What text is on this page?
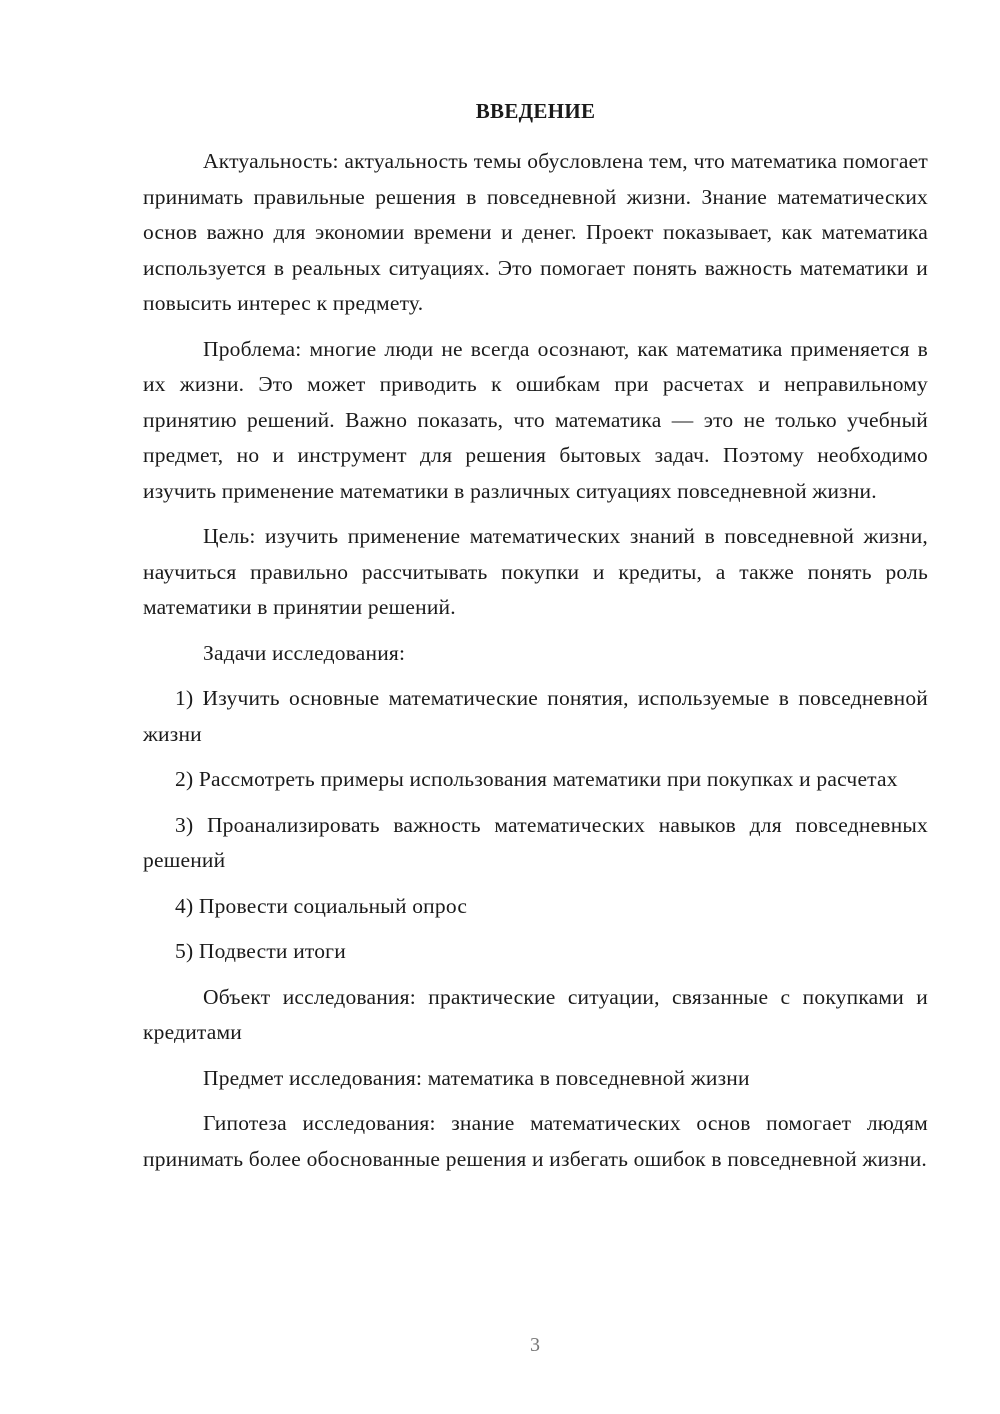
ВВЕДЕНИЕ

Актуальность: актуальность темы обусловлена тем, что математика помогает принимать правильные решения в повседневной жизни. Знание математических основ важно для экономии времени и денег. Проект показывает, как математика используется в реальных ситуациях. Это помогает понять важность математики и повысить интерес к предмету.

Проблема: многие люди не всегда осознают, как математика применяется в их жизни. Это может приводить к ошибкам при расчетах и неправильному принятию решений. Важно показать, что математика — это не только учебный предмет, но и инструмент для решения бытовых задач. Поэтому необходимо изучить применение математики в различных ситуациях повседневной жизни.

Цель: изучить применение математических знаний в повседневной жизни, научиться правильно рассчитывать покупки и кредиты, а также понять роль математики в принятии решений.

Задачи исследования:

1) Изучить основные математические понятия, используемые в повседневной жизни

2) Рассмотреть примеры использования математики при покупках и расчетах

3) Проанализировать важность математических навыков для повседневных решений

4) Провести социальный опрос

5) Подвести итоги

Объект исследования: практические ситуации, связанные с покупками и кредитами

Предмет исследования: математика в повседневной жизни

Гипотеза исследования: знание математических основ помогает людям принимать более обоснованные решения и избегать ошибок в повседневной жизни.

3
